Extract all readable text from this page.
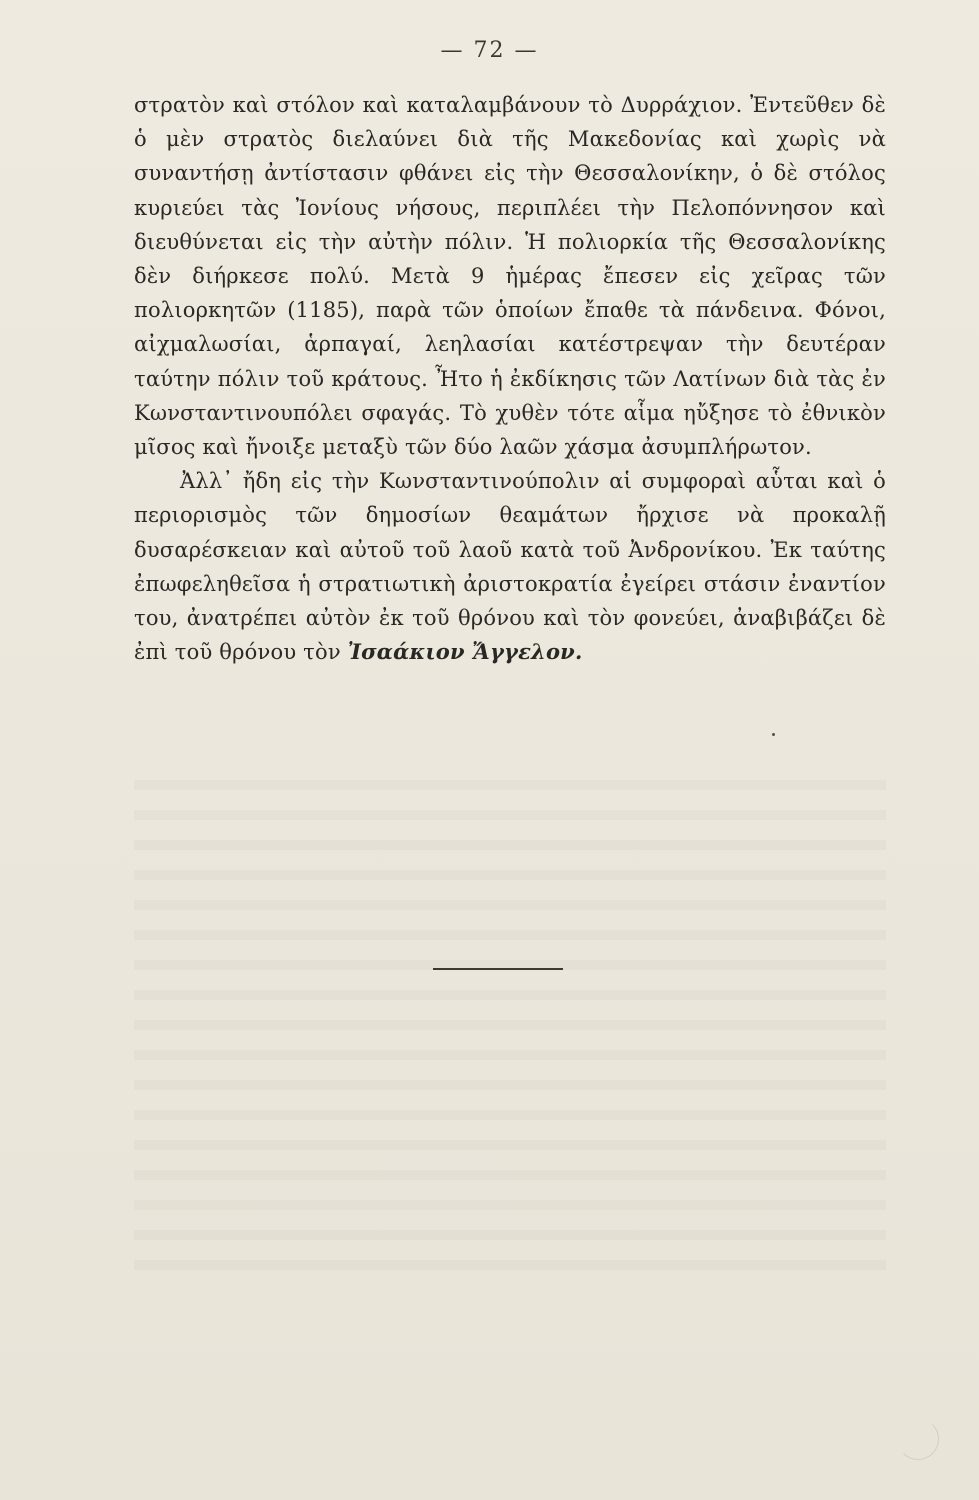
— 72 —

στρατὸν καὶ στόλον καὶ καταλαμβάνουν τὸ Δυρράχιον. Ἐντεῦθεν δὲ ὁ μὲν στρατὸς διελαύνει διὰ τῆς Μακεδονίας καὶ χωρὶς νὰ συναντήσῃ ἀντίστασιν φθάνει εἰς τὴν Θεσσαλονίκην, ὁ δὲ στόλος κυριεύει τὰς Ἰονίους νήσους, περιπλέει τὴν Πελοπόννησον καὶ διευθύνεται εἰς τὴν αὐτὴν πόλιν. Ἡ πολιορκία τῆς Θεσσαλονίκης δὲν διήρκεσε πολύ. Μετὰ 9 ἡμέρας ἔπεσεν εἰς χεῖρας τῶν πολιορκητῶν (1185), παρὰ τῶν ὁποίων ἔπαθε τὰ πάνδεινα. Φόνοι, αἰχμαλωσίαι, ἁρπαγαί, λεηλασίαι κατέστρεψαν τὴν δευτέραν ταύτην πόλιν τοῦ κράτους. Ἦτο ἡ ἐκδίκησις τῶν Λατίνων διὰ τὰς ἐν Κωνσταντινουπόλει σφαγάς. Τὸ χυθὲν τότε αἷμα ηὔξησε τὸ ἐθνικὸν μῖσος καὶ ἤνοιξε μεταξὺ τῶν δύο λαῶν χάσμα ἀσυμπλήρωτον.

Ἀλλ᾽ ἤδη εἰς τὴν Κωνσταντινούπολιν αἱ συμφοραὶ αὗται καὶ ὁ περιορισμὸς τῶν δημοσίων θεαμάτων ἤρχισε νὰ προκαλῇ δυσαρέσκειαν καὶ αὐτοῦ τοῦ λαοῦ κατὰ τοῦ Ἀνδρονίκου. Ἐκ ταύτης ἐπωφεληθεῖσα ἡ στρατιωτικὴ ἀριστοκρατία ἐγείρει στάσιν ἐναντίον του, ἀνατρέπει αὐτὸν ἐκ τοῦ θρόνου καὶ τὸν φονεύει, ἀναβιβάζει δὲ ἐπὶ τοῦ θρόνου τὸν Ἰσαάκιον Ἄγγελον.
